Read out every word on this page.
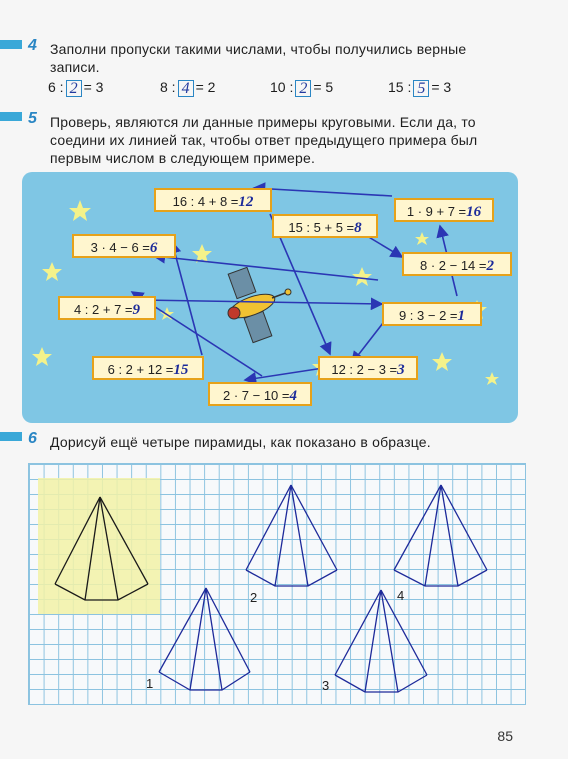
4 Заполни пропуски такими числами, чтобы получились верные записи.
6 : 2 = 3	8 : 4 = 2	10 : 2 = 5	15 : 5 = 3
5 Проверь, являются ли данные примеры круговыми. Если да, то соедини их линией так, чтобы ответ предыдущего примера был первым числом в следующем примере.
16 : 4 + 8 =12
1 · 9 + 7 =16
15 : 5 + 5 =8
3 · 4 − 6 =6
8 · 2 − 14 =2
4 : 2 + 7 =9	9 : 3 − 2 =1
6 : 2 + 12 =15	12 : 2 − 3 =3
2 · 7 − 10 =4
6 Дорисуй ещё четыре пирамиды, как показано в образце.
1
2
3
4
85
